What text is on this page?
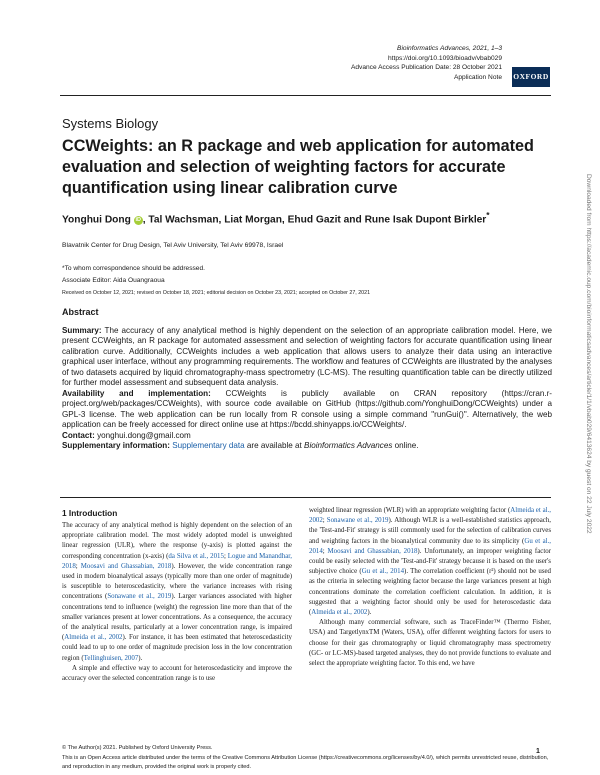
Bioinformatics Advances, 2021, 1–3
https://doi.org/10.1093/bioadv/vbab029
Advance Access Publication Date: 28 October 2021
Application Note OXFORD
Systems Biology
CCWeights: an R package and web application for automated evaluation and selection of weighting factors for accurate quantification using linear calibration curve
Yonghui Dong iD , Tal Wachsman, Liat Morgan, Ehud Gazit and Rune Isak Dupont Birkler*
Blavatnik Center for Drug Design, Tel Aviv University, Tel Aviv 69978, Israel
*To whom correspondence should be addressed.
Associate Editor: Aida Ouangraoua
Received on October 12, 2021; revised on October 18, 2021; editorial decision on October 23, 2021; accepted on October 27, 2021
Abstract

Summary: The accuracy of any analytical method is highly dependent on the selection of an appropriate calibration model. Here, we present CCWeights, an R package for automated assessment and selection of weighting factors for accurate quantification using linear calibration curve. Additionally, CCWeights includes a web application that allows users to analyze their data using an interactive graphical user interface, without any programming requirements. The workflow and features of CCWeights are illustrated by the analyses of two datasets acquired by liquid chromatography-mass spectrometry (LC-MS). The resulting quantification table can be directly utilized for further model assessment and subsequent data analysis.

Availability and implementation: CCWeights is publicly available on CRAN repository (https://cran.r-project.org/web/packages/CCWeights), with source code available on GitHub (https://github.com/YonghuiDong/CCWeights) under a GPL-3 license. The web application can be run locally from R console using a simple command "runGui()". Alternatively, the web application can be freely accessed for direct online use at https://bcdd.shinyapps.io/CCWeights/.

Contact: yonghui.dong@gmail.com

Supplementary information: Supplementary data are available at Bioinformatics Advances online.

1 Introduction

The accuracy of any analytical method is highly dependent on the selection of an appropriate calibration model. The most widely adopted model is unweighted linear regression (ULR), where the response (y-axis) is plotted against the corresponding concentration (x-axis) (da Silva et al., 2015; Logue and Manandhar, 2018; Moosavi and Ghassabian, 2018). However, the wide concentration range used in modern bioanalytical assays (typically more than one order of magnitude) is susceptible to heteroscedasticity, where the variance increases with rising concentrations (Sonawane et al., 2019). Larger variances associated with higher concentrations tend to influence (weight) the regression line more than that of the smaller variances present at lower concentrations. As a consequence, the accuracy of the analytical results, particularly at a lower concentration range, is impaired (Almeida et al., 2002). For instance, it has been estimated that heteroscedasticity could lead to up to one order of magnitude precision loss in the low concentration region (Tellinghuisen, 2007).

A simple and effective way to account for heteroscedasticity and improve the accuracy over the selected concentration range is to use

weighted linear regression (WLR) with an appropriate weighting factor (Almeida et al., 2002; Sonawane et al., 2019). Although WLR is a well-established statistics approach, the 'Test-and-Fit' strategy is still commonly used for the selection of calibration curves and weighting factors in the bioanalytical community due to its simplicity (Gu et al., 2014; Moosavi and Ghassabian, 2018). Unfortunately, an improper weighting factor could be easily selected with the 'Test-and-Fit' strategy because it is based on the user's subjective choice (Gu et al., 2014). The correlation coefficient (r²) should not be used as the criteria in selecting weighting factor because the large variances present at high concentrations dominate the correlation coefficient calculation. In addition, it is suggested that a weighting factor should only be used for heteroscedastic data (Almeida et al., 2002).

Although many commercial software, such as TraceFinder™ (Thermo Fisher, USA) and TargetlynxTM (Waters, USA), offer different weighting factors for users to choose for their gas chromatography or liquid chromatography mass spectrometry (GC- or LC-MS)-based targeted analyses, they do not provide functions to evaluate and select the appropriate weighting factor. To this end, we have

© The Author(s) 2021. Published by Oxford University Press.	1
This is an Open Access article distributed under the terms of the Creative Commons Attribution License (https://creativecommons.org/licenses/by/4.0/), which permits unrestricted reuse, distribution, and reproduction in any medium, provided the original work is properly cited.
Downloaded from https://academic.oup.com/bioinformaticsadvances/article/1/1/vbab029/6413624 by guest on 22 July 2022
